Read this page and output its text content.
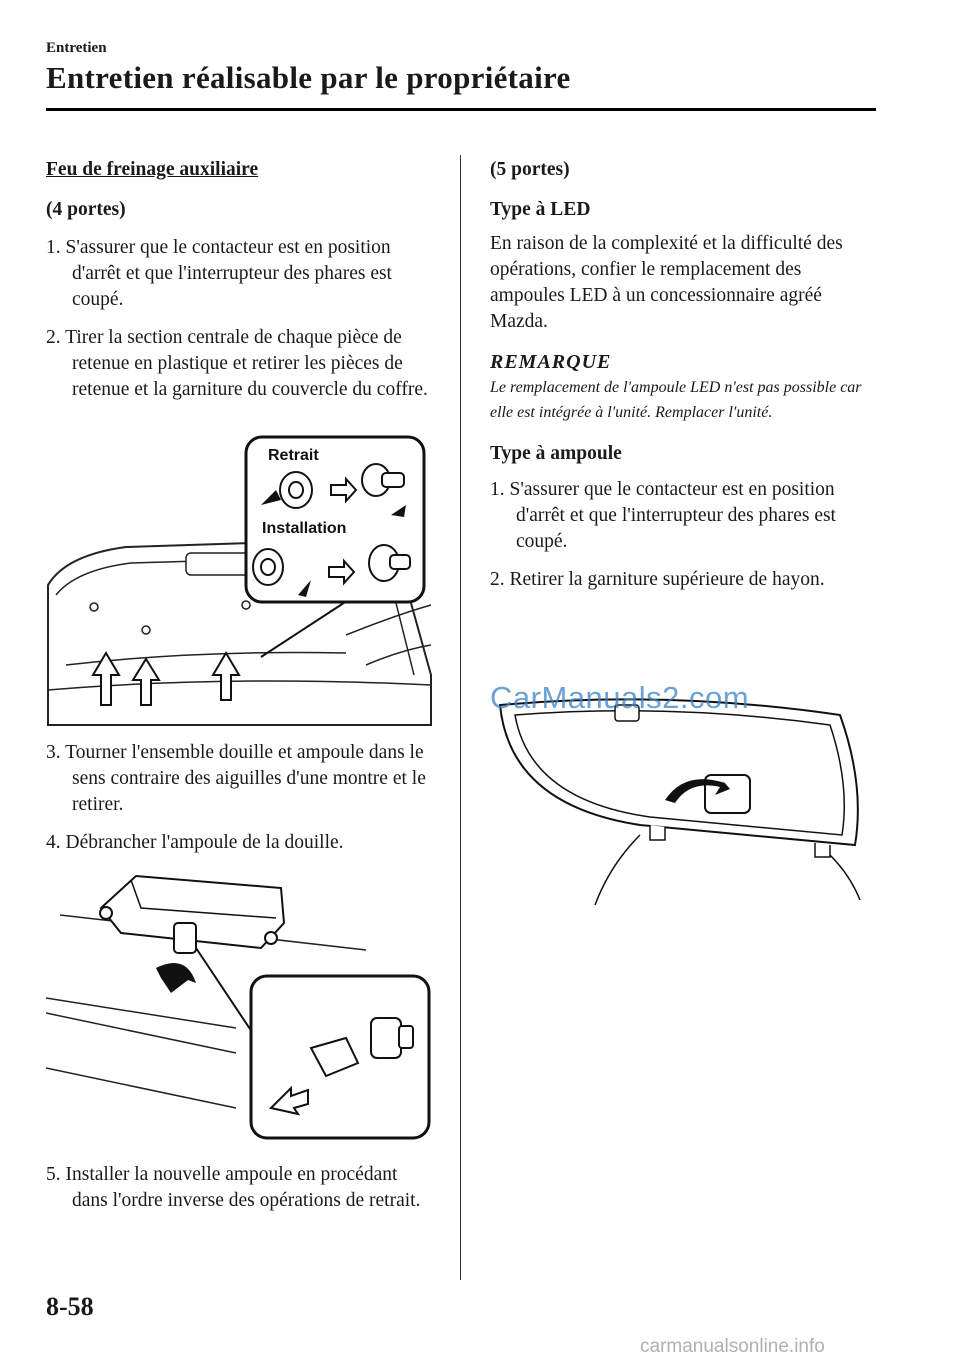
Entretien
Entretien réalisable par le propriétaire

Feu de freinage auxiliaire

(4 portes)

1. S'assurer que le contacteur est en position d'arrêt et que l'interrupteur des phares est coupé.

2. Tirer la section centrale de chaque pièce de retenue en plastique et retirer les pièces de retenue et la garniture du couvercle du coffre.

Retrait
Installation

3. Tourner l'ensemble douille et ampoule dans le sens contraire des aiguilles d'une montre et le retirer.

4. Débrancher l'ampoule de la douille.

5. Installer la nouvelle ampoule en procédant dans l'ordre inverse des opérations de retrait.

(5 portes)

Type à LED

En raison de la complexité et la difficulté des opérations, confier le remplacement des ampoules LED à un concessionnaire agréé Mazda.

REMARQUE

Le remplacement de l'ampoule LED n'est pas possible car elle est intégrée à l'unité. Remplacer l'unité.

Type à ampoule

1. S'assurer que le contacteur est en position d'arrêt et que l'interrupteur des phares est coupé.

2. Retirer la garniture supérieure de hayon.

CarManuals2.com
8-58
carmanualsonline.info
